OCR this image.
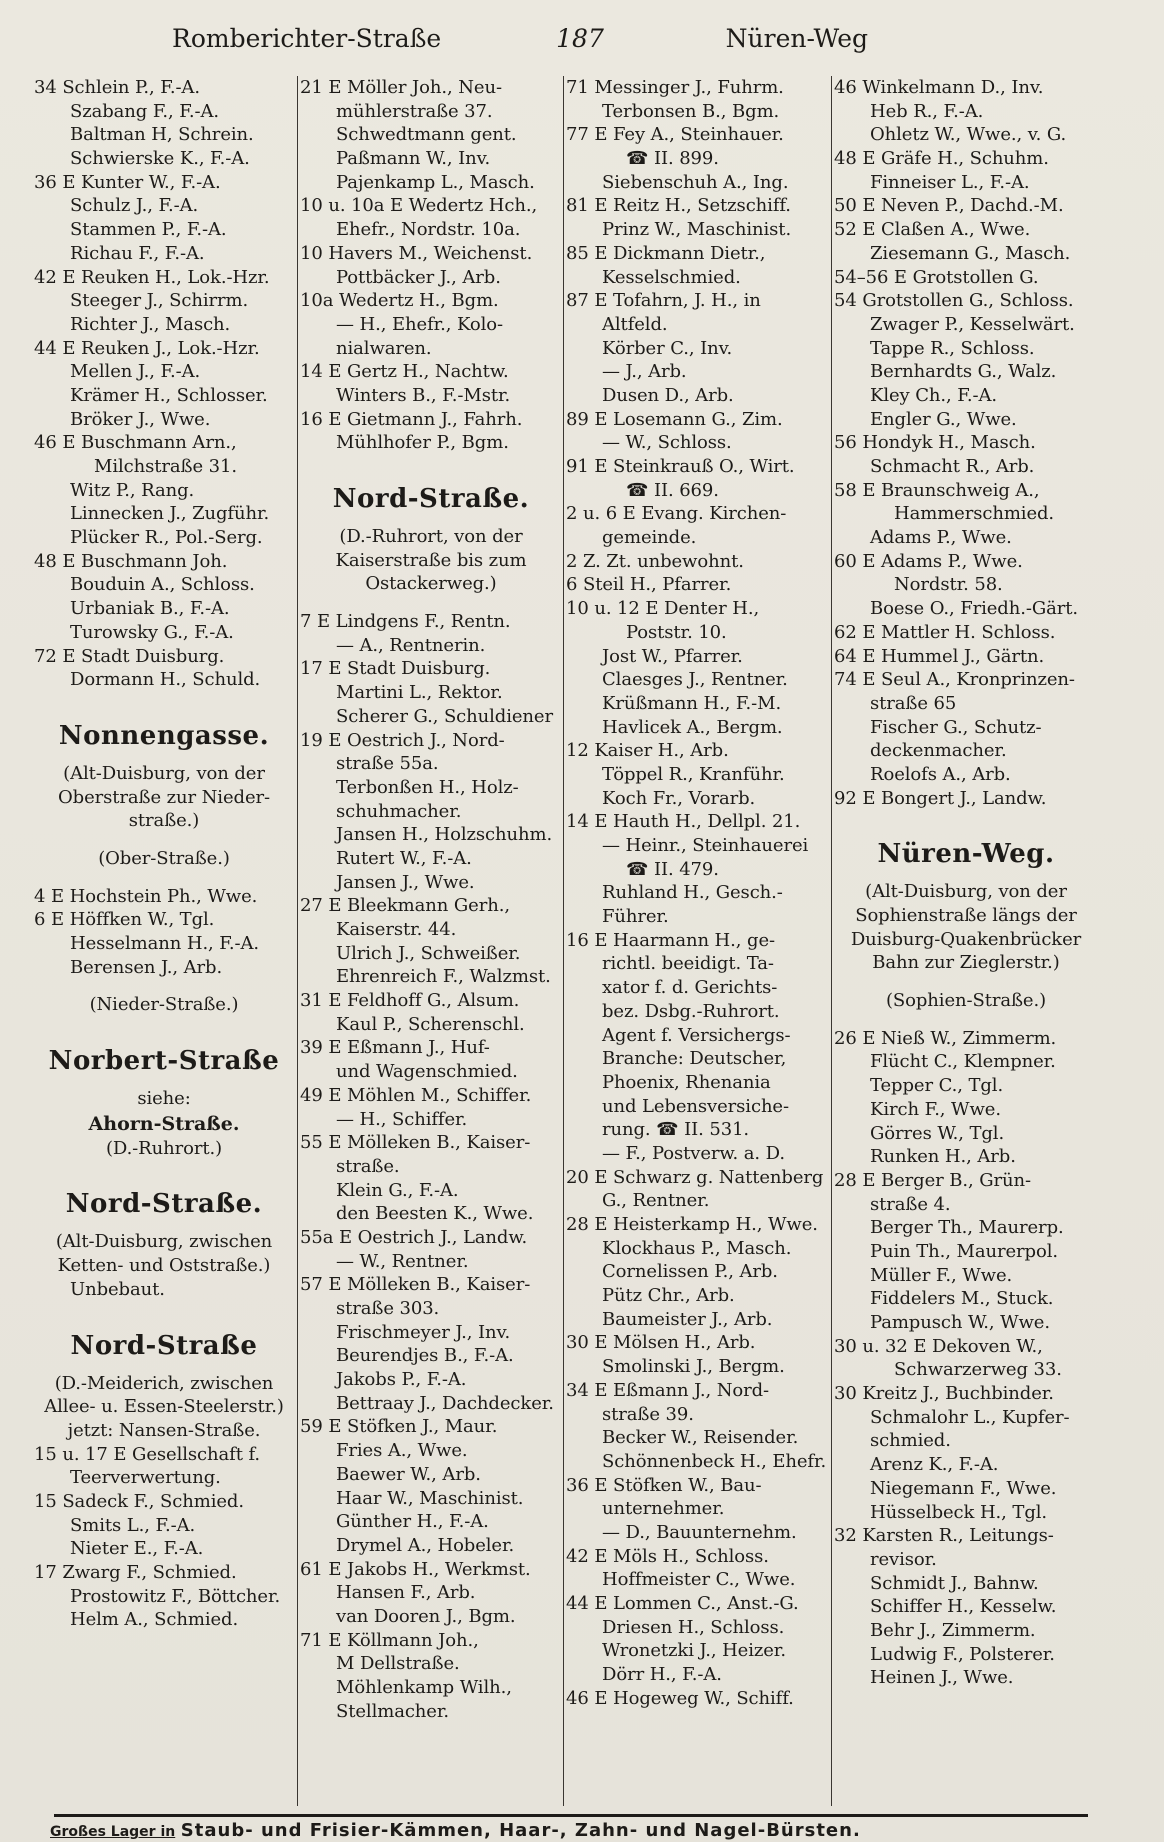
Romberichter-Straße	187	Nüren-Weg
34 Schlein P., F.-A.
Szabang F., F.-A.
Baltman H, Schrein.
Schwierske K., F.-A.
36 E Kunter W., F.-A.
Schulz J., F.-A.
Stammen P., F.-A.
Richau F., F.-A.
42 E Reuken H., Lok.-Hzr.
Steeger J., Schirrm.
Richter J., Masch.
44 E Reuken J., Lok.-Hzr.
Mellen J., F.-A.
Krämer H., Schlosser.
Bröker J., Wwe.
46 E Buschmann Arn.,
Milchstraße 31.
Witz P., Rang.
Linnecken J., Zugführ.
Plücker R., Pol.-Serg.
48 E Buschmann Joh.
Bouduin A., Schloss.
Urbaniak B., F.-A.
Turowsky G., F.-A.
72 E Stadt Duisburg.
Dormann H., Schuld.
Nonnengasse.
(Alt-Duisburg, von der
Oberstraße zur Nieder-
straße.)
(Ober-Straße.)
4 E Hochstein Ph., Wwe.
6 E Höffken W., Tgl.
Hesselmann H., F.-A.
Berensen J., Arb.
(Nieder-Straße.)
Norbert-Straße
siehe:
Ahorn-Straße.
(D.-Ruhrort.)
Nord-Straße.
(Alt-Duisburg, zwischen
Ketten- und Oststraße.)
Unbebaut.
Nord-Straße
(D.-Meiderich, zwischen
Allee- u. Essen-Steelerstr.)
jetzt: Nansen-Straße.
15 u. 17 E Gesellschaft f.
Teerverwertung.
15 Sadeck F., Schmied.
Smits L., F.-A.
Nieter E., F.-A.
17 Zwarg F., Schmied.
Prostowitz F., Böttcher.
Helm A., Schmied.
21 E Möller Joh., Neu-
mühlerstraße 37.
Schwedtmann gent.
Paßmann W., Inv.
Pajenkamp L., Masch.
10 u. 10a E Wedertz Hch.,
Ehefr., Nordstr. 10a.
10 Havers M., Weichenst.
Pottbäcker J., Arb.
10a Wedertz H., Bgm.
— H., Ehefr., Kolo-
nialwaren.
14 E Gertz H., Nachtw.
Winters B., F.-Mstr.
16 E Gietmann J., Fahrh.
Mühlhofer P., Bgm.
Nord-Straße.
(D.-Ruhrort, von der
Kaiserstraße bis zum
Ostackerweg.)
7 E Lindgens F., Rentn.
— A., Rentnerin.
17 E Stadt Duisburg.
Martini L., Rektor.
Scherer G., Schuldiener
19 E Oestrich J., Nord-
straße 55a.
Terbonßen H., Holz-
schuhmacher.
Jansen H., Holzschuhm.
Rutert W., F.-A.
Jansen J., Wwe.
27 E Bleekmann Gerh.,
Kaiserstr. 44.
Ulrich J., Schweißer.
Ehrenreich F., Walzmst.
31 E Feldhoff G., Alsum.
Kaul P., Scherenschl.
39 E Eßmann J., Huf-
und Wagenschmied.
49 E Möhlen M., Schiffer.
— H., Schiffer.
55 E Mölleken B., Kaiser-
straße.
Klein G., F.-A.
den Beesten K., Wwe.
55a E Oestrich J., Landw.
— W., Rentner.
57 E Mölleken B., Kaiser-
straße 303.
Frischmeyer J., Inv.
Beurendjes B., F.-A.
Jakobs P., F.-A.
Bettraay J., Dachdecker.
59 E Stöfken J., Maur.
Fries A., Wwe.
Baewer W., Arb.
Haar W., Maschinist.
Günther H., F.-A.
Drymel A., Hobeler.
61 E Jakobs H., Werkmst.
Hansen F., Arb.
van Dooren J., Bgm.
71 E Köllmann Joh.,
M Dellstraße.
Möhlenkamp Wilh.,
Stellmacher.
71 Messinger J., Fuhrm.
Terbonsen B., Bgm.
77 E Fey A., Steinhauer.
☎ II. 899.
Siebenschuh A., Ing.
81 E Reitz H., Setzschiff.
Prinz W., Maschinist.
85 E Dickmann Dietr.,
Kesselschmied.
87 E Tofahrn, J. H., in
Altfeld.
Körber C., Inv.
— J., Arb.
Dusen D., Arb.
89 E Losemann G., Zim.
— W., Schloss.
91 E Steinkrauß O., Wirt.
☎ II. 669.
2 u. 6 E Evang. Kirchen-
gemeinde.
2 Z. Zt. unbewohnt.
6 Steil H., Pfarrer.
10 u. 12 E Denter H.,
Poststr. 10.
Jost W., Pfarrer.
Claesges J., Rentner.
Krüßmann H., F.-M.
Havlicek A., Bergm.
12 Kaiser H., Arb.
Töppel R., Kranführ.
Koch Fr., Vorarb.
14 E Hauth H., Dellpl. 21.
— Heinr., Steinhauerei
☎ II. 479.
Ruhland H., Gesch.-
Führer.
16 E Haarmann H., ge-
richtl. beeidigt. Ta-
xator f. d. Gerichts-
bez. Dsbg.-Ruhrort.
Agent f. Versichergs-
Branche: Deutscher,
Phoenix, Rhenania
und Lebensversiche-
rung. ☎ II. 531.
— F., Postverw. a. D.
20 E Schwarz g. Nattenberg
G., Rentner.
28 E Heisterkamp H., Wwe.
Klockhaus P., Masch.
Cornelissen P., Arb.
Pütz Chr., Arb.
Baumeister J., Arb.
30 E Mölsen H., Arb.
Smolinski J., Bergm.
34 E Eßmann J., Nord-
straße 39.
Becker W., Reisender.
Schönnenbeck H., Ehefr.
36 E Stöfken W., Bau-
unternehmer.
— D., Bauunternehm.
42 E Möls H., Schloss.
Hoffmeister C., Wwe.
44 E Lommen C., Anst.-G.
Driesen H., Schloss.
Wronetzki J., Heizer.
Dörr H., F.-A.
46 E Hogeweg W., Schiff.
46 Winkelmann D., Inv.
Heb R., F.-A.
Ohletz W., Wwe., v. G.
48 E Gräfe H., Schuhm.
Finneiser L., F.-A.
50 E Neven P., Dachd.-M.
52 E Claßen A., Wwe.
Ziesemann G., Masch.
54–56 E Grotstollen G.
54 Grotstollen G., Schloss.
Zwager P., Kesselwärt.
Tappe R., Schloss.
Bernhardts G., Walz.
Kley Ch., F.-A.
Engler G., Wwe.
56 Hondyk H., Masch.
Schmacht R., Arb.
58 E Braunschweig A.,
Hammerschmied.
Adams P., Wwe.
60 E Adams P., Wwe.
Nordstr. 58.
Boese O., Friedh.-Gärt.
62 E Mattler H. Schloss.
64 E Hummel J., Gärtn.
74 E Seul A., Kronprinzen-
straße 65
Fischer G., Schutz-
deckenmacher.
Roelofs A., Arb.
92 E Bongert J., Landw.
Nüren-Weg.
(Alt-Duisburg, von der
Sophienstraße längs der
Duisburg-Quakenbrücker
Bahn zur Zieglerstr.)
(Sophien-Straße.)
26 E Nieß W., Zimmerm.
Flücht C., Klempner.
Tepper C., Tgl.
Kirch F., Wwe.
Görres W., Tgl.
Runken H., Arb.
28 E Berger B., Grün-
straße 4.
Berger Th., Maurerp.
Puin Th., Maurerpol.
Müller F., Wwe.
Fiddelers M., Stuck.
Pampusch W., Wwe.
30 u. 32 E Dekoven W.,
Schwarzerweg 33.
30 Kreitz J., Buchbinder.
Schmalohr L., Kupfer-
schmied.
Arenz K., F.-A.
Niegemann F., Wwe.
Hüsselbeck H., Tgl.
32 Karsten R., Leitungs-
revisor.
Schmidt J., Bahnw.
Schiffer H., Kesselw.
Behr J., Zimmerm.
Ludwig F., Polsterer.
Heinen J., Wwe.
Großes Lager in Staub- und Frisier-Kämmen, Haar-, Zahn- und Nagel-Bürsten.
